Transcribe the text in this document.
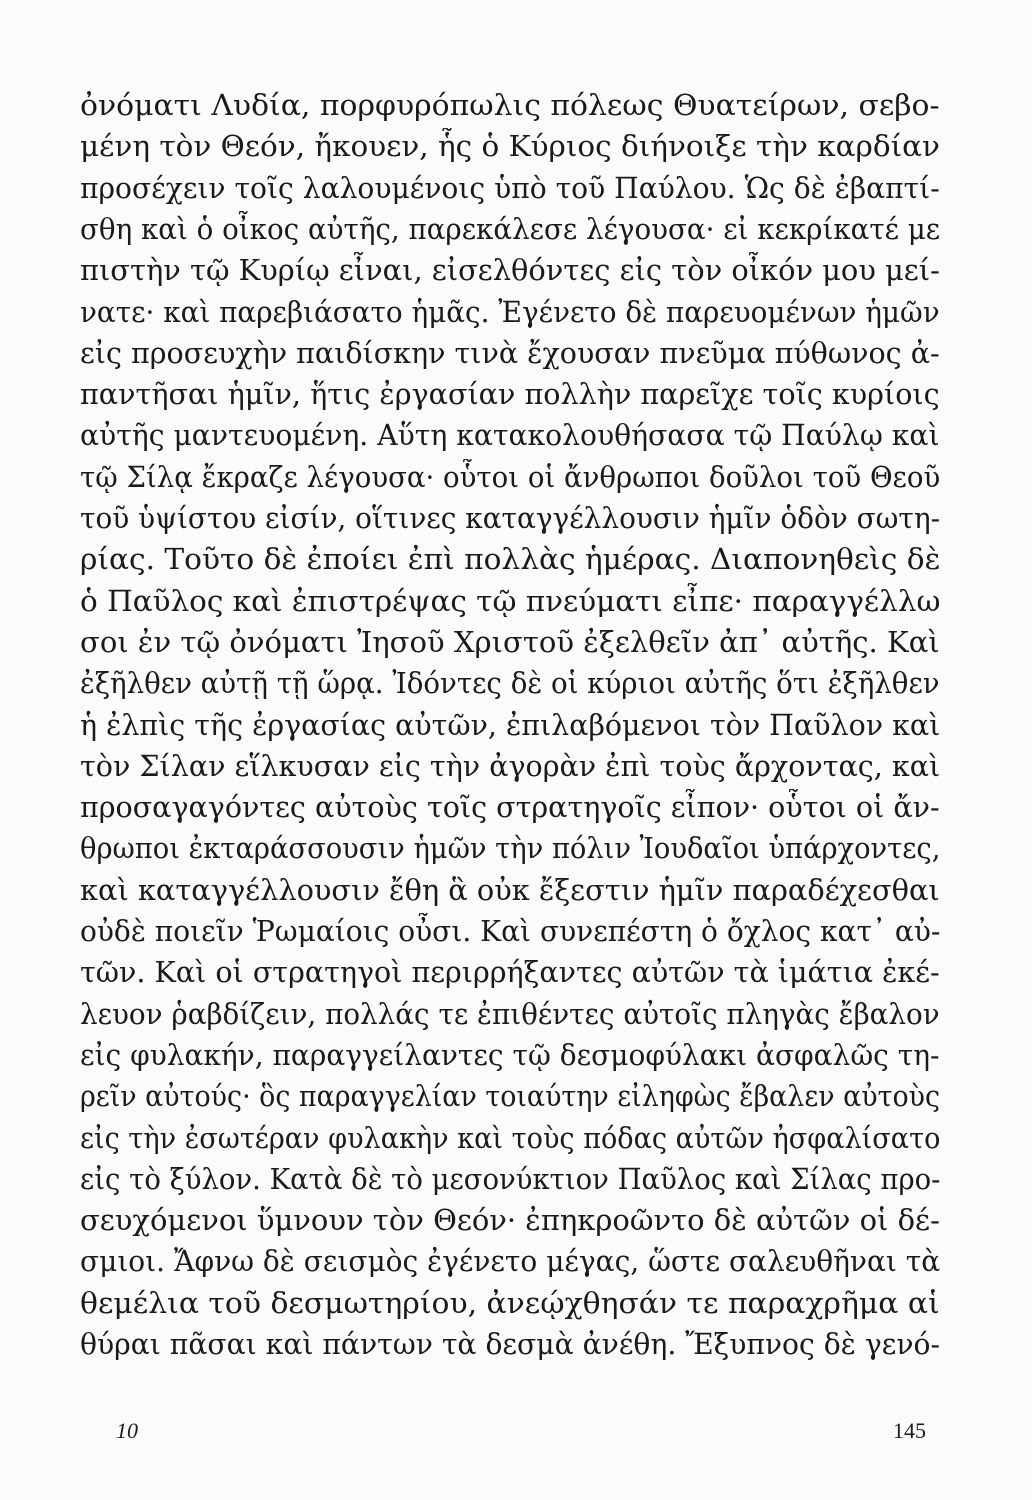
ὀνόματι Λυδία, πορφυρόπωλις πόλεως Θυατείρων, σεβο-
μένη τὸν Θεόν, ἤκουεν, ἧς ὁ Κύριος διήνοιξε τὴν καρδίαν
προσέχειν τοῖς λαλουμένοις ὑπὸ τοῦ Παύλου. Ὡς δὲ ἐβαπτί-
σθη καὶ ὁ οἶκος αὐτῆς, παρεκάλεσε λέγουσα· εἰ κεκρίκατέ με
πιστὴν τῷ Κυρίῳ εἶναι, εἰσελθόντες εἰς τὸν οἶκόν μου μεί-
νατε· καὶ παρεβιάσατο ἡμᾶς. Ἐγένετο δὲ παρευομένων ἡμῶν
εἰς προσευχὴν παιδίσκην τινὰ ἔχουσαν πνεῦμα πύθωνος ἀ-
παντῆσαι ἡμῖν, ἥτις ἐργασίαν πολλὴν παρεῖχε τοῖς κυρίοις
αὐτῆς μαντευομένη. Αὕτη κατακολουθήσασα τῷ Παύλῳ καὶ
τῷ Σίλᾳ ἔκραζε λέγουσα· οὗτοι οἱ ἄνθρωποι δοῦλοι τοῦ Θεοῦ
τοῦ ὑψίστου εἰσίν, οἵτινες καταγγέλλουσιν ἡμῖν ὁδὸν σωτη-
ρίας. Τοῦτο δὲ ἐποίει ἐπὶ πολλὰς ἡμέρας. Διαπονηθεὶς δὲ
ὁ Παῦλος καὶ ἐπιστρέψας τῷ πνεύματι εἶπε· παραγγέλλω
σοι ἐν τῷ ὀνόματι Ἰησοῦ Χριστοῦ ἐξελθεῖν ἀπ᾿ αὐτῆς. Καὶ
ἐξῆλθεν αὐτῇ τῇ ὥρᾳ. Ἰδόντες δὲ οἱ κύριοι αὐτῆς ὅτι ἐξῆλθεν
ἡ ἐλπὶς τῆς ἐργασίας αὐτῶν, ἐπιλαβόμενοι τὸν Παῦλον καὶ
τὸν Σίλαν εἵλκυσαν εἰς τὴν ἀγορὰν ἐπὶ τοὺς ἄρχοντας, καὶ
προσαγαγόντες αὐτοὺς τοῖς στρατηγοῖς εἶπον· οὗτοι οἱ ἄν-
θρωποι ἐκταράσσουσιν ἡμῶν τὴν πόλιν Ἰουδαῖοι ὑπάρχοντες,
καὶ καταγγέλλουσιν ἔθη ἃ οὐκ ἔξεστιν ἡμῖν παραδέχεσθαι
οὐδὲ ποιεῖν Ῥωμαίοις οὖσι. Καὶ συνεπέστη ὁ ὄχλος κατ᾿ αὐ-
τῶν. Καὶ οἱ στρατηγοὶ περιρρήξαντες αὐτῶν τὰ ἱμάτια ἐκέ-
λευον ῥαβδίζειν, πολλάς τε ἐπιθέντες αὐτοῖς πληγὰς ἔβαλον
εἰς φυλακήν, παραγγείλαντες τῷ δεσμοφύλακι ἀσφαλῶς τη-
ρεῖν αὐτούς· ὃς παραγγελίαν τοιαύτην εἰληφὼς ἔβαλεν αὐτοὺς
εἰς τὴν ἐσωτέραν φυλακὴν καὶ τοὺς πόδας αὐτῶν ἠσφαλίσατο
εἰς τὸ ξύλον. Κατὰ δὲ τὸ μεσονύκτιον Παῦλος καὶ Σίλας προ-
σευχόμενοι ὕμνουν τὸν Θεόν· ἐπηκροῶντο δὲ αὐτῶν οἱ δέ-
σμιοι. Ἄφνω δὲ σεισμὸς ἐγένετο μέγας, ὥστε σαλευθῆναι τὰ
θεμέλια τοῦ δεσμωτηρίου, ἀνεῴχθησάν τε παραχρῆμα αἱ
θύραι πᾶσαι καὶ πάντων τὰ δεσμὰ ἀνέθη. Ἔξυπνος δὲ γενό-
10	145
